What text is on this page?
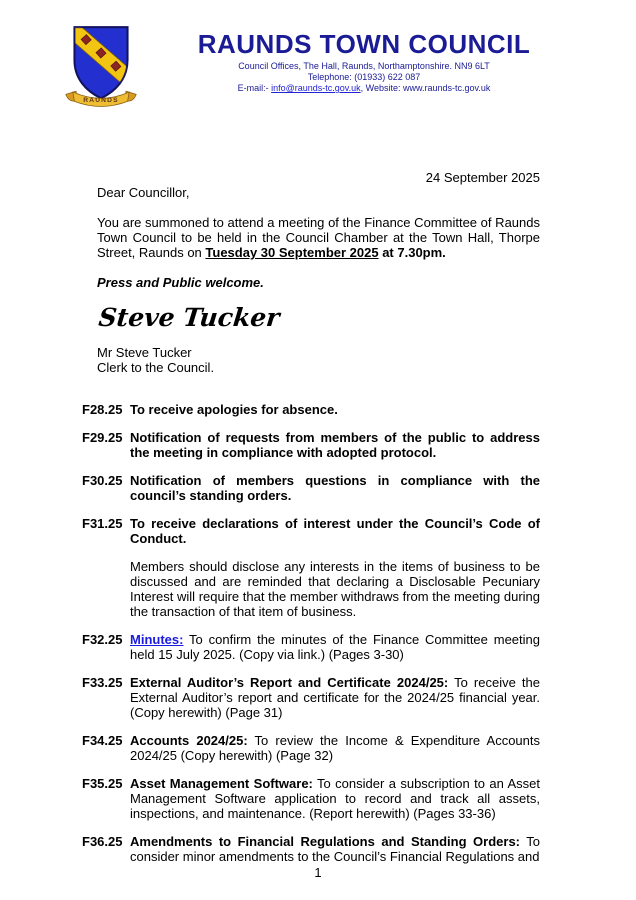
RAUNDS
RAUNDS TOWN COUNCIL
Council Offices, The Hall, Raunds, Northamptonshire. NN9 6LT
Telephone: (01933) 622 087
E-mail:- info@raunds-tc.gov.uk, Website: www.raunds-tc.gov.uk
24 September 2025
Dear Councillor,
You are summoned to attend a meeting of the Finance Committee of Raunds Town Council to be held in the Council Chamber at the Town Hall, Thorpe Street, Raunds on Tuesday 30 September 2025 at 7.30pm.
Press and Public welcome.
Steve Tucker
Mr Steve Tucker
Clerk to the Council.
F28.25 To receive apologies for absence.
F29.25 Notification of requests from members of the public to address the meeting in compliance with adopted protocol.
F30.25 Notification of members questions in compliance with the council’s standing orders.
F31.25 To receive declarations of interest under the Council’s Code of Conduct.
Members should disclose any interests in the items of business to be discussed and are reminded that declaring a Disclosable Pecuniary Interest will require that the member withdraws from the meeting during the transaction of that item of business.
F32.25 Minutes: To confirm the minutes of the Finance Committee meeting held 15 July 2025. (Copy via link.) (Pages 3-30)
F33.25 External Auditor’s Report and Certificate 2024/25: To receive the External Auditor’s report and certificate for the 2024/25 financial year. (Copy herewith) (Page 31)
F34.25 Accounts 2024/25: To review the Income & Expenditure Accounts 2024/25 (Copy herewith) (Page 32)
F35.25 Asset Management Software: To consider a subscription to an Asset Management Software application to record and track all assets, inspections, and maintenance. (Report herewith) (Pages 33-36)
F36.25 Amendments to Financial Regulations and Standing Orders: To consider minor amendments to the Council’s Financial Regulations and
1
